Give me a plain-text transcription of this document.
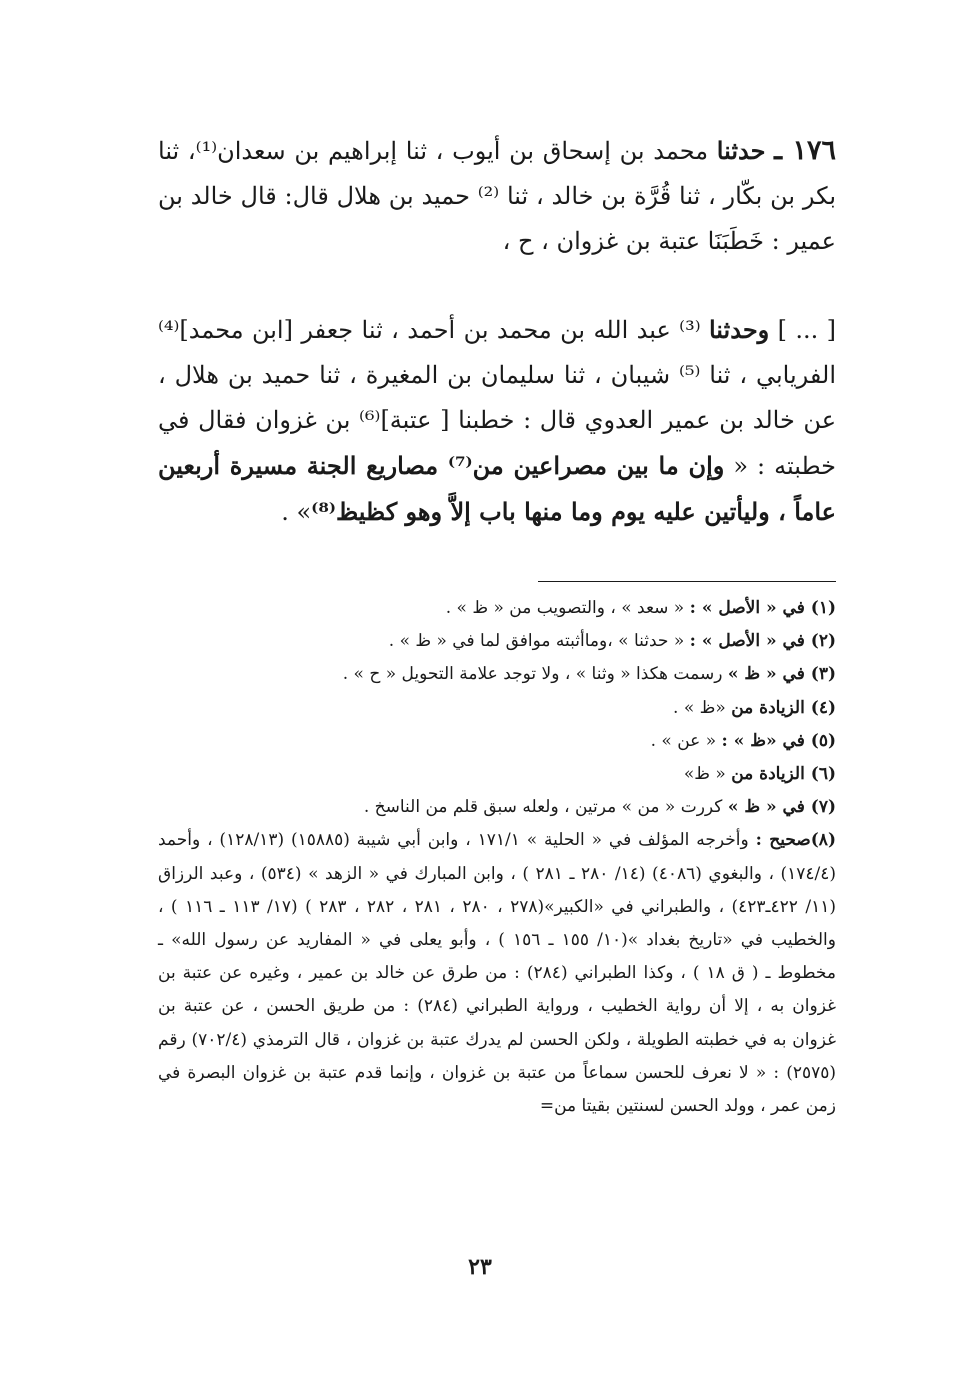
١٧٦ ـ حدثنا محمد بن إسحاق بن أيوب ، ثنا إبراهيم بن سعدان⁽¹⁾، ثنا بكر بن بكّار ، ثنا قُرَّة بن خالد ، ثنا ⁽²⁾ حميد بن هلال قال: قال خالد بن عمير : خَطَبَنَا عتبة بن غزوان ، ح ،

[ ... ] وحدثنا ⁽³⁾ عبد الله بن محمد بن أحمد ، ثنا جعفر [ابن محمد]⁽⁴⁾ الفريابي ، ثنا ⁽⁵⁾ شيبان ، ثنا سليمان بن المغيرة ، ثنا حميد بن هلال ، عن خالد بن عمير العدوي قال : خطبنا [ عتبة]⁽⁶⁾ بن غزوان فقال في خطبته : « وإن ما بين مصراعين من⁽⁷⁾ مصاريع الجنة مسيرة أربعين عاماً ، وليأتين عليه يوم وما منها باب إلاَّ وهو كظيظ⁽⁸⁾» .

(١) في « الأصل » : « سعد » ، والتصويب من « ظ » .
(٢) في « الأصل » : « حدثنا » ،وماأثبته موافق لما في « ظ » .
(٣) في « ظ » رسمت هكذا « وثنا » ، ولا توجد علامة التحويل « ح » .
(٤) الزيادة من «ظ » .
(٥) في «ظ » : « عن » .
(٦) الزيادة من « ظ»
(٧) في « ظ » كررت « من » مرتين ، ولعله سبق قلم من الناسخ .
(٨)صحيح : وأخرجه المؤلف في « الحلية » ١٧١/١ ، وابن أبي شيبة (١٥٨٨٥) (١٢٨/١٣) ، وأحمد (١٧٤/٤) ، والبغوي (٤٠٨٦) (١٤/ ٢٨٠ ـ ٢٨١ ) ، وابن المبارك في « الزهد » (٥٣٤) ، وعبد الرزاق (١١/ ٤٢٢ـ٤٢٣) ، والطبراني في «الكبير»(٢٧٨ ، ٢٨٠ ، ٢٨١ ، ٢٨٢ ، ٢٨٣ ) (١٧/ ١١٣ ـ ١١٦ ) ، والخطيب في «تاريخ بغداد »(١٠/ ١٥٥ ـ ١٥٦ ) ، وأبو يعلى في « المفاريد عن رسول الله» ـ مخطوط ـ ( ق ١٨ ) ، وكذا الطبراني (٢٨٤) : من طرق عن خالد بن عمير ، وغيره عن عتبة بن غزوان به ، إلا أن رواية الخطيب ، ورواية الطبراني (٢٨٤) : من طريق الحسن ، عن عتبة بن غزوان به في خطبته الطويلة ، ولكن الحسن لم يدرك عتبة بن غزوان ، قال الترمذي (٧٠٢/٤) رقم (٢٥٧٥) : « لا نعرف للحسن سماعاً من عتبة بن غزوان ، وإنما قدم عتبة بن غزوان البصرة في زمن عمر ، وولد الحسن لسنتين بقيتا من=
٢٣
